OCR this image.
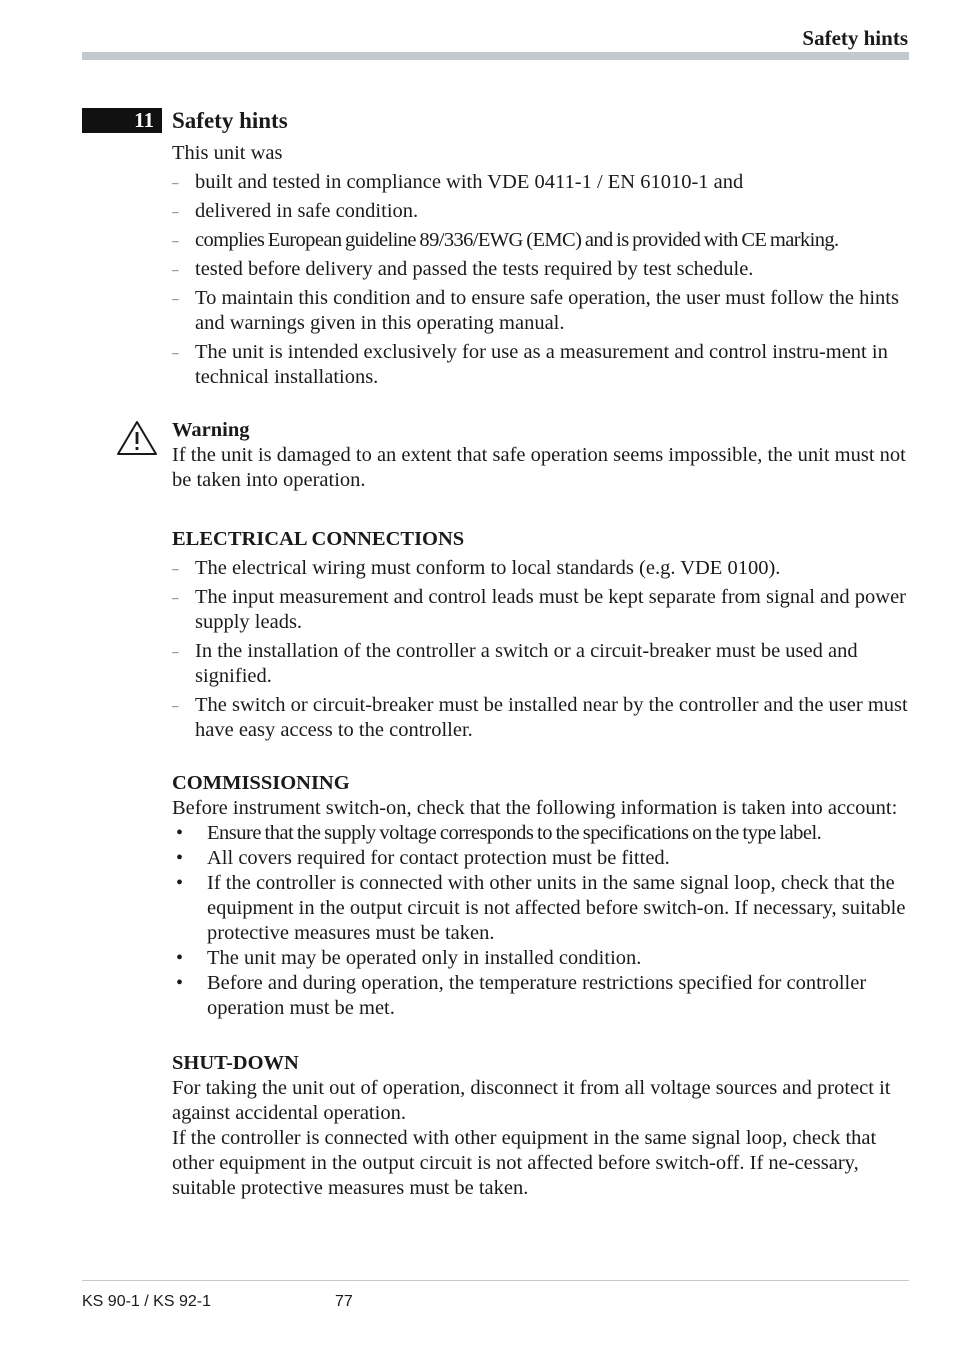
Safety hints
11 Safety hints

This unit was

– built and tested in compliance with VDE 0411-1 / EN 61010-1 and
– delivered in safe condition.
– complies European guideline 89/336/EWG (EMC) and is provided with CE marking.
– tested before delivery and passed the tests required by test schedule.
– To maintain this condition and to ensure safe operation, the user must follow the hints and warnings given in this operating manual.
– The unit is intended exclusively for use as a measurement and control instru-ment in technical installations.

Warning

If the unit is damaged to an extent that safe operation seems impossible, the unit must not be taken into operation.

ELECTRICAL CONNECTIONS

– The electrical wiring must conform to local standards (e.g. VDE 0100).
– The input measurement and control leads must be kept separate from signal and power supply leads.
– In the installation of the controller a switch or a circuit-breaker must be used and signified.
– The switch or circuit-breaker must be installed near by the controller and the user must have easy access to the controller.

COMMISSIONING

Before instrument switch-on, check that the following information is taken into account:

• Ensure that the supply voltage corresponds to the specifications on the type label.
• All covers required for contact protection must be fitted.
• If the controller is connected with other units in the same signal loop, check that the equipment in the output circuit is not affected before switch-on. If necessary, suitable protective measures must be taken.
• The unit may be operated only in installed condition.
• Before and during operation, the temperature restrictions specified for controller operation must be met.

SHUT-DOWN

For taking the unit out of operation, disconnect it from all voltage sources and protect it against accidental operation.

If the controller is connected with other equipment in the same signal loop, check that other equipment in the output circuit is not affected before switch-off. If ne-cessary, suitable protective measures must be taken.

KS 90-1 / KS 92-1	77
